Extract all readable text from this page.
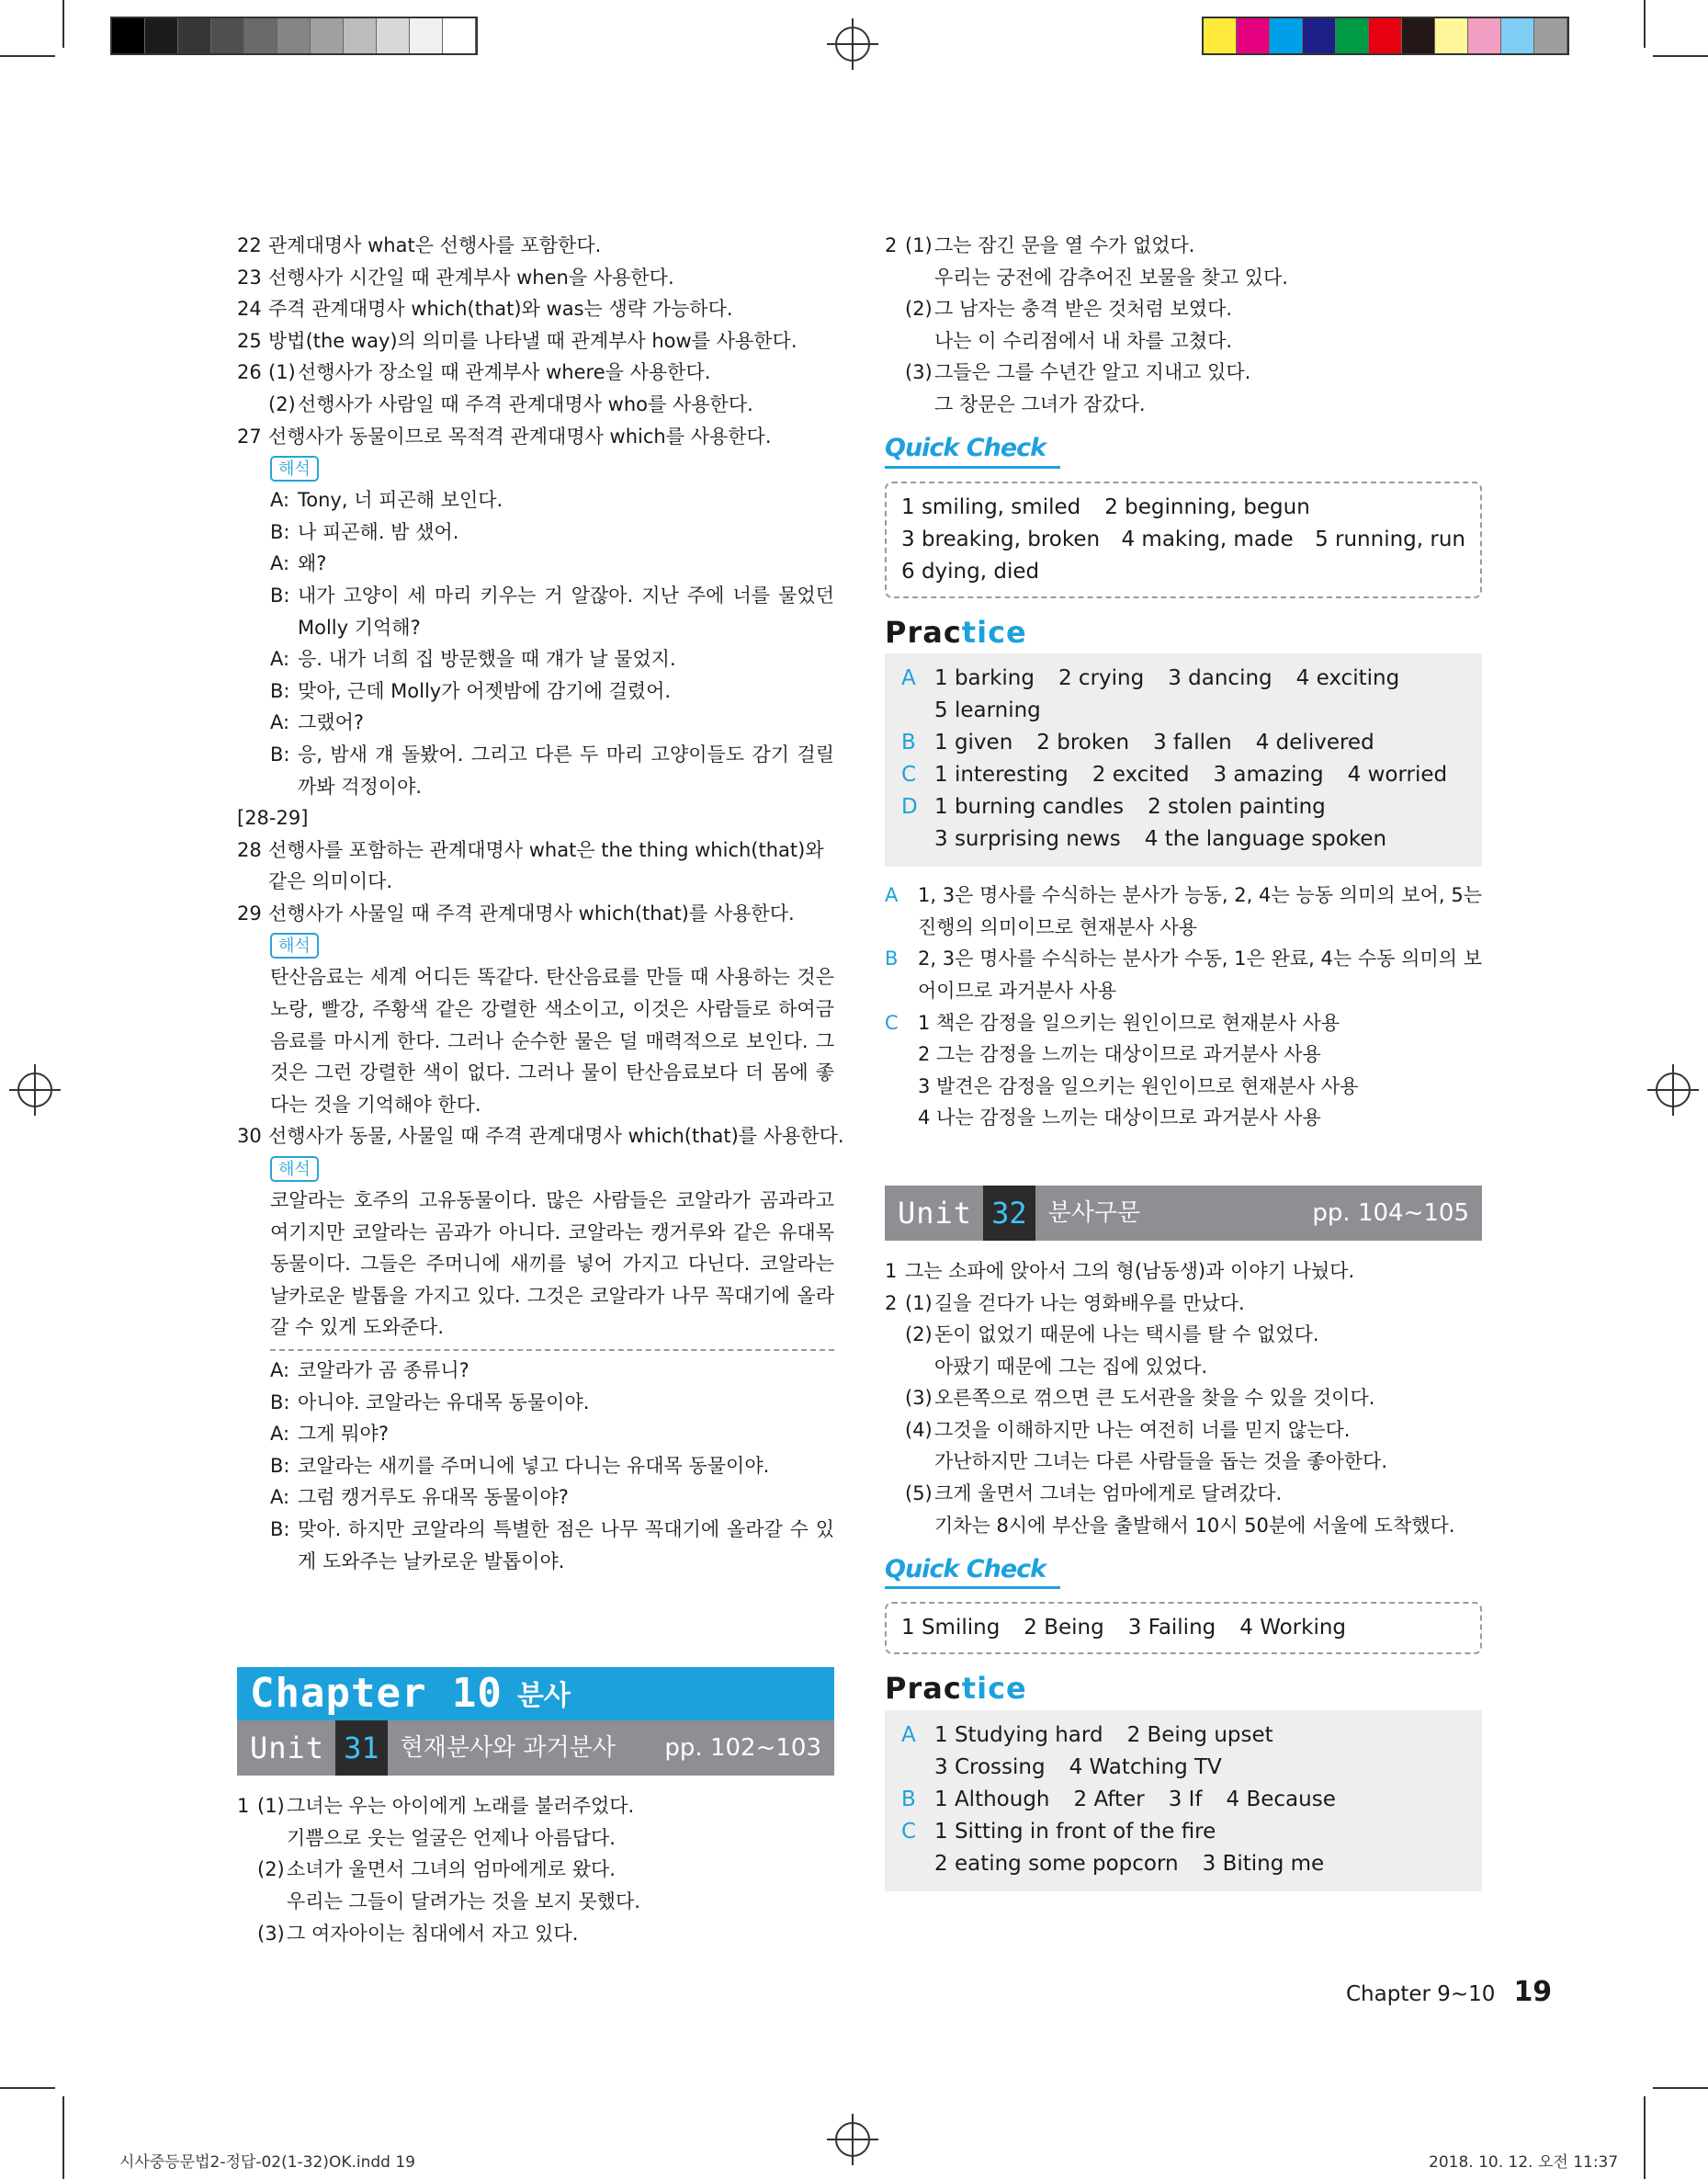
22 관계대명사 what은 선행사를 포함한다.
23 선행사가 시간일 때 관계부사 when을 사용한다.
24 주격 관계대명사 which(that)와 was는 생략 가능하다.
25 방법(the way)의 의미를 나타낼 때 관계부사 how를 사용한다.
26 (1) 선행사가 장소일 때 관계부사 where을 사용한다.
(2) 선행사가 사람일 때 주격 관계대명사 who를 사용한다.
27 선행사가 동물이므로 목적격 관계대명사 which를 사용한다.
해석
A: Tony, 너 피곤해 보인다.
B: 나 피곤해. 밤 샜어.
A: 왜?
B: 내가 고양이 세 마리 키우는 거 알잖아. 지난 주에 너를 물었던 Molly 기억해?
A: 응. 내가 너희 집 방문했을 때 걔가 날 물었지.
B: 맞아, 근데 Molly가 어젯밤에 감기에 걸렸어.
A: 그랬어?
B: 응, 밤새 걔 돌봤어. 그리고 다른 두 마리 고양이들도 감기 걸릴까봐 걱정이야.
[28-29]
28 선행사를 포함하는 관계대명사 what은 the thing which(that)와 같은 의미이다.
29 선행사가 사물일 때 주격 관계대명사 which(that)를 사용한다.
해석
탄산음료는 세계 어디든 똑같다. 탄산음료를 만들 때 사용하는 것은 노랑, 빨강, 주황색 같은 강렬한 색소이고, 이것은 사람들로 하여금 음료를 마시게 한다. 그러나 순수한 물은 덜 매력적으로 보인다. 그것은 그런 강렬한 색이 없다. 그러나 물이 탄산음료보다 더 몸에 좋다는 것을 기억해야 한다.
30 선행사가 동물, 사물일 때 주격 관계대명사 which(that)를 사용한다.
해석
코알라는 호주의 고유동물이다. 많은 사람들은 코알라가 곰과라고 여기지만 코알라는 곰과가 아니다. 코알라는 캥거루와 같은 유대목 동물이다. 그들은 주머니에 새끼를 넣어 가지고 다닌다. 코알라는 날카로운 발톱을 가지고 있다. 그것은 코알라가 나무 꼭대기에 올라갈 수 있게 도와준다.
A: 코알라가 곰 종류니?
B: 아니야. 코알라는 유대목 동물이야.
A: 그게 뭐야?
B: 코알라는 새끼를 주머니에 넣고 다니는 유대목 동물이야.
A: 그럼 캥거루도 유대목 동물이야?
B: 맞아. 하지만 코알라의 특별한 점은 나무 꼭대기에 올라갈 수 있게 도와주는 날카로운 발톱이야.
Chapter 10 분사
Unit 31 현재분사와 과거분사 pp. 102~103
1 (1) 그녀는 우는 아이에게 노래를 불러주었다.
기쁨으로 웃는 얼굴은 언제나 아름답다.
(2) 소녀가 울면서 그녀의 엄마에게로 왔다.
우리는 그들이 달려가는 것을 보지 못했다.
(3) 그 여자아이는 침대에서 자고 있다.
2 (1) 그는 잠긴 문을 열 수가 없었다.
우리는 궁전에 감추어진 보물을 찾고 있다.
(2) 그 남자는 충격 받은 것처럼 보였다.
나는 이 수리점에서 내 차를 고쳤다.
(3) 그들은 그를 수년간 알고 지내고 있다.
그 창문은 그녀가 잠갔다.
Quick Check
1 smiling, smiled 2 beginning, begun
3 breaking, broken 4 making, made 5 running, run
6 dying, died
Practice
A 1 barking 2 crying 3 dancing 4 exciting
5 learning
B 1 given 2 broken 3 fallen 4 delivered
C 1 interesting 2 excited 3 amazing 4 worried
D 1 burning candles 2 stolen painting
3 surprising news 4 the language spoken
A	1, 3은 명사를 수식하는 분사가 능동, 2, 4는 능동 의미의 보어, 5는 진행의 의미이므로 현재분사 사용
B	2, 3은 명사를 수식하는 분사가 수동, 1은 완료, 4는 수동 의미의 보어이므로 과거분사 사용
C	1 책은 감정을 일으키는 원인이므로 현재분사 사용
2 그는 감정을 느끼는 대상이므로 과거분사 사용
3 발견은 감정을 일으키는 원인이므로 현재분사 사용
4 나는 감정을 느끼는 대상이므로 과거분사 사용
Unit 32 분사구문	pp. 104~105
1 그는 소파에 앉아서 그의 형(남동생)과 이야기 나눴다.
2 (1) 길을 걷다가 나는 영화배우를 만났다.
(2) 돈이 없었기 때문에 나는 택시를 탈 수 없었다.
아팠기 때문에 그는 집에 있었다.
(3) 오른쪽으로 꺾으면 큰 도서관을 찾을 수 있을 것이다.
(4) 그것을 이해하지만 나는 여전히 너를 믿지 않는다.
가난하지만 그녀는 다른 사람들을 돕는 것을 좋아한다.
(5) 크게 울면서 그녀는 엄마에게로 달려갔다.
기차는 8시에 부산을 출발해서 10시 50분에 서울에 도착했다.
Quick Check
1 Smiling 2 Being 3 Failing 4 Working
Practice
A 1 Studying hard 2 Being upset
3 Crossing 4 Watching TV
B 1 Although 2 After 3 If 4 Because
C 1 Sitting in front of the fire
2 eating some popcorn 3 Biting me
Chapter 9~10 19
시사중등문법2-정답-02(1-32)OK.indd 19	2018. 10. 12. 오전 11:37
